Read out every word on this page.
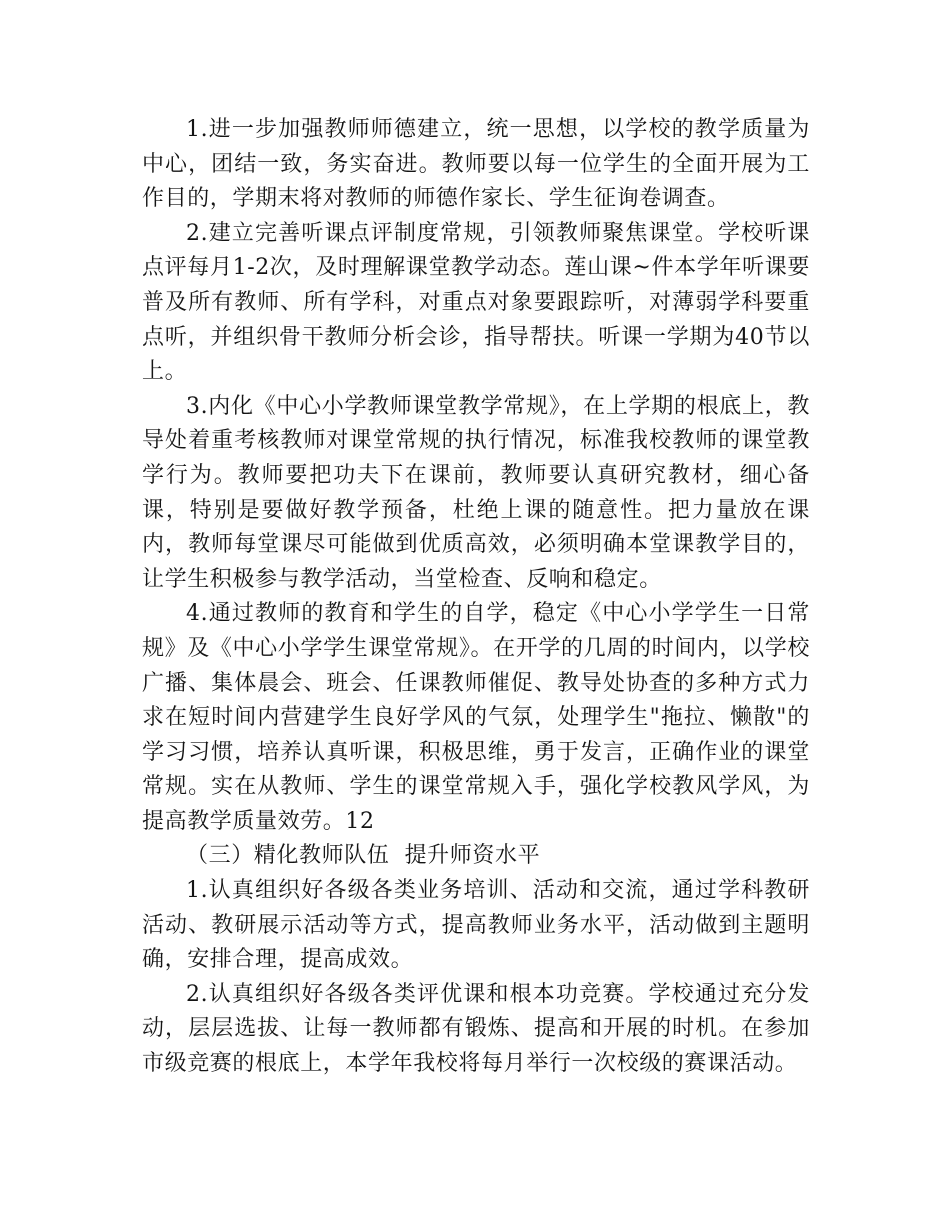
1.进一步加强教师师德建立，统一思想，以学校的教学质量为中心，团结一致，务实奋进。教师要以每一位学生的全面开展为工作目的，学期末将对教师的师德作家长、学生征询卷调查。

2.建立完善听课点评制度常规，引领教师聚焦课堂。学校听课点评每月1-2次，及时理解课堂教学动态。莲山课~件本学年听课要普及所有教师、所有学科，对重点对象要跟踪听，对薄弱学科要重点听，并组织骨干教师分析会诊，指导帮扶。听课一学期为40节以上。

3.内化《中心小学教师课堂教学常规》，在上学期的根底上，教导处着重考核教师对课堂常规的执行情况，标准我校教师的课堂教学行为。教师要把功夫下在课前，教师要认真研究教材，细心备课，特别是要做好教学预备，杜绝上课的随意性。把力量放在课内，教师每堂课尽可能做到优质高效，必须明确本堂课教学目的，让学生积极参与教学活动，当堂检查、反响和稳定。

4.通过教师的教育和学生的自学，稳定《中心小学学生一日常规》及《中心小学学生课堂常规》。在开学的几周的时间内，以学校广播、集体晨会、班会、任课教师催促、教导处协查的多种方式力求在短时间内营建学生良好学风的气氛，处理学生"拖拉、懒散"的学习习惯，培养认真听课，积极思维，勇于发言，正确作业的课堂常规。实在从教师、学生的课堂常规入手，强化学校教风学风，为提高教学质量效劳。12

（三）精化教师队伍  提升师资水平

1.认真组织好各级各类业务培训、活动和交流，通过学科教研活动、教研展示活动等方式，提高教师业务水平，活动做到主题明确，安排合理，提高成效。

2.认真组织好各级各类评优课和根本功竞赛。学校通过充分发动，层层选拔、让每一教师都有锻炼、提高和开展的时机。在参加市级竞赛的根底上，本学年我校将每月举行一次校级的赛课活动。
